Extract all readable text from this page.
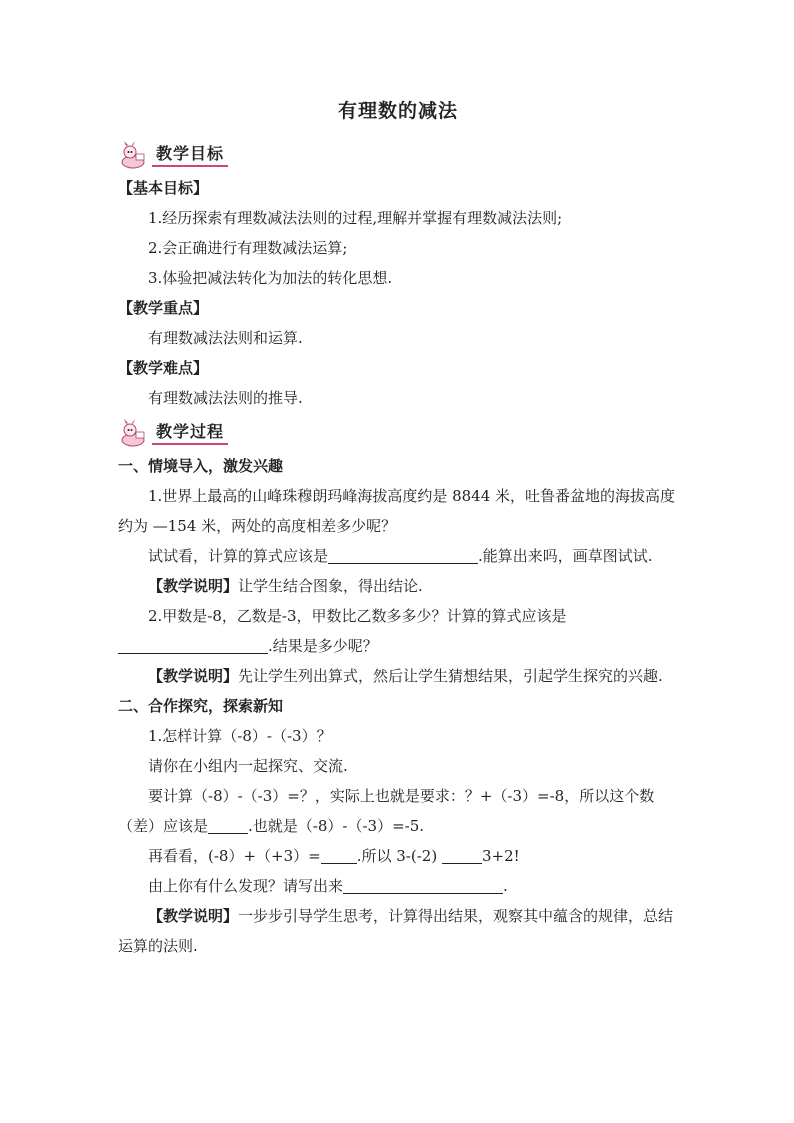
有理数的减法
教学目标

【基本目标】

1.经历探索有理数减法法则的过程,理解并掌握有理数减法法则;

2.会正确进行有理数减法运算;

3.体验把减法转化为加法的转化思想.

【教学重点】

有理数减法法则和运算.

【教学难点】

有理数减法法则的推导.

教学过程

一、情境导入，激发兴趣

1.世界上最高的山峰珠穆朗玛峰海拔高度约是 8844 米，吐鲁番盆地的海拔高度约为 —154 米，两处的高度相差多少呢？

试试看，计算的算式应该是	.能算出来吗，画草图试试.

【教学说明】让学生结合图象，得出结论.

2.甲数是-8，乙数是-3，甲数比乙数多多少？计算的算式应该是.结果是多少呢？

【教学说明】先让学生列出算式，然后让学生猜想结果，引起学生探究的兴趣.

二、合作探究，探索新知

1.怎样计算（-8）-（-3）？

请你在小组内一起探究、交流.

要计算（-8）-（-3）=？，实际上也就是要求：？+（-3）=-8，所以这个数（差）应该是	.也就是（-8）-（-3）=-5.

再看看，(-8）+（+3）= .所以 3-(-2)	3+2!

由上你有什么发现？请写出来	.

【教学说明】一步步引导学生思考，计算得出结果，观察其中蕴含的规律，总结运算的法则.
